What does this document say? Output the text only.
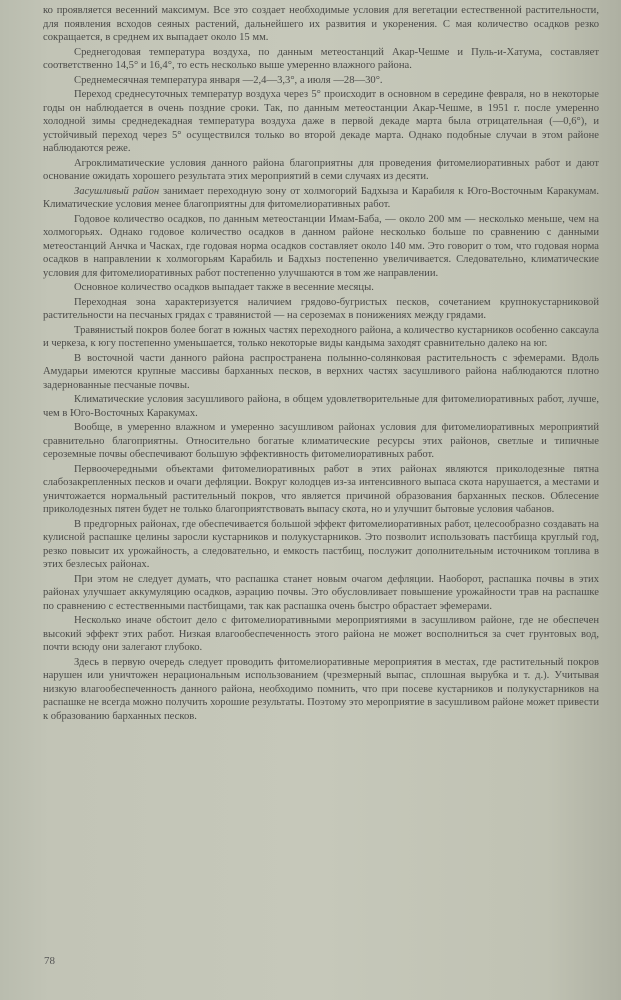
ко проявляется весенний максимум. Все это создает необходимые условия для вегетации естественной растительности, для появления всходов сеяных растений, дальнейшего их развития и укоренения. С мая количество осадков резко сокращается, в среднем их выпадает около 15 мм.

Среднегодовая температура воздуха, по данным метеостанций Акар-Чешме и Пуль-и-Хатума, составляет соответственно 14,5° и 16,4°, то есть несколько выше умеренно влажного района.

Среднемесячная температура января —2,4—3,3°, а июля —28—30°.

Переход среднесуточных температур воздуха через 5° происходит в основном в середине февраля, но в некоторые годы он наблюдается в очень поздние сроки. Так, по данным метеостанции Акар-Чешме, в 1951 г. после умеренно холодной зимы среднедекадная температура воздуха даже в первой декаде марта была отрицательная (—0,6°), и устойчивый переход через 5° осуществился только во второй декаде марта. Однако подобные случаи в этом районе наблюдаются реже.

Агроклиматические условия данного района благоприятны для проведения фитомелиоративных работ и дают основание ожидать хорошего результата этих мероприятий в семи случаях из десяти.

Засушливый район занимает переходную зону от холмогорий Бадхыза и Карабиля к Юго-Восточным Каракумам. Климатические условия менее благоприятны для фитомелиоративных работ.

Годовое количество осадков, по данным метеостанции Имам-Баба, — около 200 мм — несколько меньше, чем на холмогорьях. Однако годовое количество осадков в данном районе несколько больше по сравнению с данными метеостанций Анчка и Часках, где годовая норма осадков составляет около 140 мм. Это говорит о том, что годовая норма осадков в направлении к холмогорьям Карабиль и Бадхыз постепенно увеличивается. Следовательно, климатические условия для фитомелиоративных работ постепенно улучшаются в том же направлении.

Основное количество осадков выпадает также в весенние месяцы.

Переходная зона характеризуется наличием грядово-бугристых песков, сочетанием крупнокустарниковой растительности на песчаных грядах с травянистой — на сероземах в понижениях между грядами.

Травянистый покров более богат в южных частях переходного района, а количество кустарников особенно саксаула и черкеза, к югу постепенно уменьшается, только некоторые виды кандыма заходят сравнительно далеко на юг.

В восточной части данного района распространена полынно-солянковая растительность с эфемерами. Вдоль Амударьи имеются крупные массивы барханных песков, в верхних частях засушливого района наблюдаются плотно задернованные песчаные почвы.

Климатические условия засушливого района, в общем удовлетворительные для фитомелиоративных работ, лучше, чем в Юго-Восточных Каракумах.

Вообще, в умеренно влажном и умеренно засушливом районах условия для фитомелиоративных мероприятий сравнительно благоприятны. Относительно богатые климатические ресурсы этих районов, светлые и типичные сероземные почвы обеспечивают большую эффективность фитомелиоративных работ.

Первоочередными объектами фитомелиоративных работ в этих районах являются приколодезные пятна слабозакрепленных песков и очаги дефляции. Вокруг колодцев из-за интенсивного выпаса скота нарушается, а местами и уничтожается нормальный растительный покров, что является причиной образования барханных песков. Облесение приколодезных пятен будет не только благоприятствовать выпасу скота, но и улучшит бытовые условия чабанов.

В предгорных районах, где обеспечивается большой эффект фитомелиоративных работ, целесообразно создавать на кулисной распашке целины заросли кустарников и полукустарников. Это позволит использовать пастбища круглый год, резко повысит их урожайность, а следовательно, и емкость пастбищ, послужит дополнительным источником топлива в этих безлесых районах.

При этом не следует думать, что распашка станет новым очагом дефляции. Наоборот, распашка почвы в этих районах улучшает аккумуляцию осадков, аэрацию почвы. Это обусловливает повышение урожайности трав на распашке по сравнению с естественными пастбищами, так как распашка очень быстро обрастает эфемерами.

Несколько иначе обстоит дело с фитомелиоративными мероприятиями в засушливом районе, где не обеспечен высокий эффект этих работ. Низкая влагообеспеченность этого района не может восполниться за счет грунтовых вод, почти всюду они залегают глубоко.

Здесь в первую очередь следует проводить фитомелиоративные мероприятия в местах, где растительный покров нарушен или уничтожен нерациональным использованием (чрезмерный выпас, сплошная вырубка и т. д.). Учитывая низкую влагообеспеченность данного района, необходимо помнить, что при посеве кустарников и полукустарников на распашке не всегда можно получить хорошие результаты. Поэтому это мероприятие в засушливом районе может привести к образованию барханных песков.

78
